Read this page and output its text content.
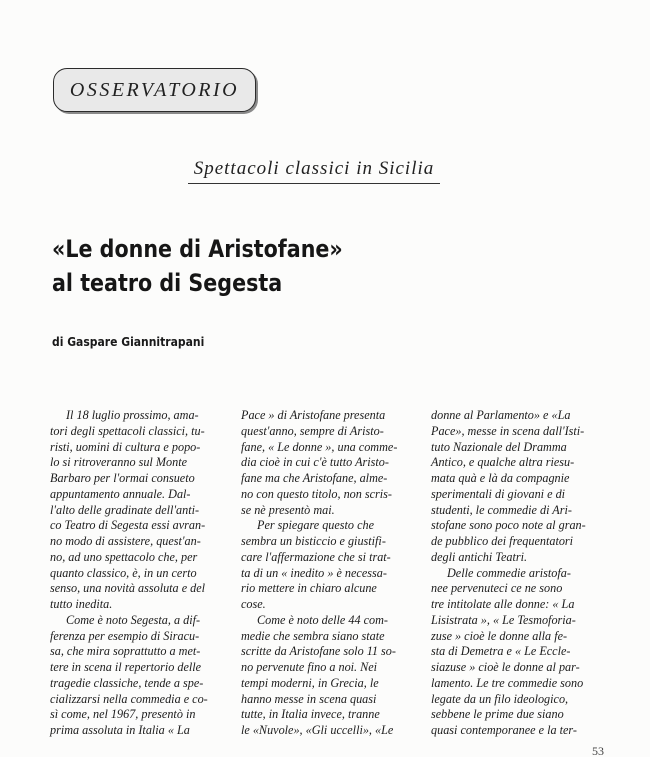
OSSERVATORIO
Spettacoli classici in Sicilia
«Le donne di Aristofane»
al teatro di Segesta
di Gaspare Giannitrapani
Il 18 luglio prossimo, ama-
tori degli spettacoli classici, tu-
risti, uomini di cultura e popo-
lo si ritroveranno sul Monte
Barbaro per l'ormai consueto
appuntamento annuale. Dal-
l'alto delle gradinate dell'anti-
co Teatro di Segesta essi avran-
no modo di assistere, quest'an-
no, ad uno spettacolo che, per
quanto classico, è, in un certo
senso, una novità assoluta e del
tutto inedita.
Come è noto Segesta, a dif-
ferenza per esempio di Siracu-
sa, che mira soprattutto a met-
tere in scena il repertorio delle
tragedie classiche, tende a spe-
cializzarsi nella commedia e co-
sì come, nel 1967, presentò in
prima assoluta in Italia « La
Pace » di Aristofane presenta
quest'anno, sempre di Aristo-
fane, « Le donne », una comme-
dia cioè in cui c'è tutto Aristo-
fane ma che Aristofane, almе-
no con questo titolo, non scris-
se nè presentò mai.
Per spiegare questo che
sembra un bisticcio e giustifi-
care l'affermazione che si trat-
ta di un « inedito » è necessa-
rio mettere in chiaro alcune
cose.
Come è noto delle 44 com-
medie che sembra siano state
scritte da Aristofane solo 11 so-
no pervenute fino a noi. Nei
tempi moderni, in Grecia, le
hanno messe in scena quasi
tutte, in Italia invece, tranne
le «Nuvole», «Gli uccelli», «Le
donne al Parlamento» e «La
Pace», messe in scena dall'Isti-
tuto Nazionale del Dramma
Antico, e qualche altra riesu-
mata quà e là da compagnie
sperimentali di giovani e di
studenti, le commedie di Ari-
stofane sono poco note al gran-
de pubblico dei frequentatori
degli antichi Teatri.
Delle commedie aristofa-
nee pervenuteci ce ne sono
tre intitolate alle donne: « La
Lisistrata », « Le Tesmoforia-
zuse » cioè le donne alla fe-
sta di Demetra e « Le Eccle-
siazuse » cioè le donne al par-
lamento. Le tre commedie sono
legate da un filo ideologico,
sebbene le prime due siano
quasi contemporanee e la ter-
53
